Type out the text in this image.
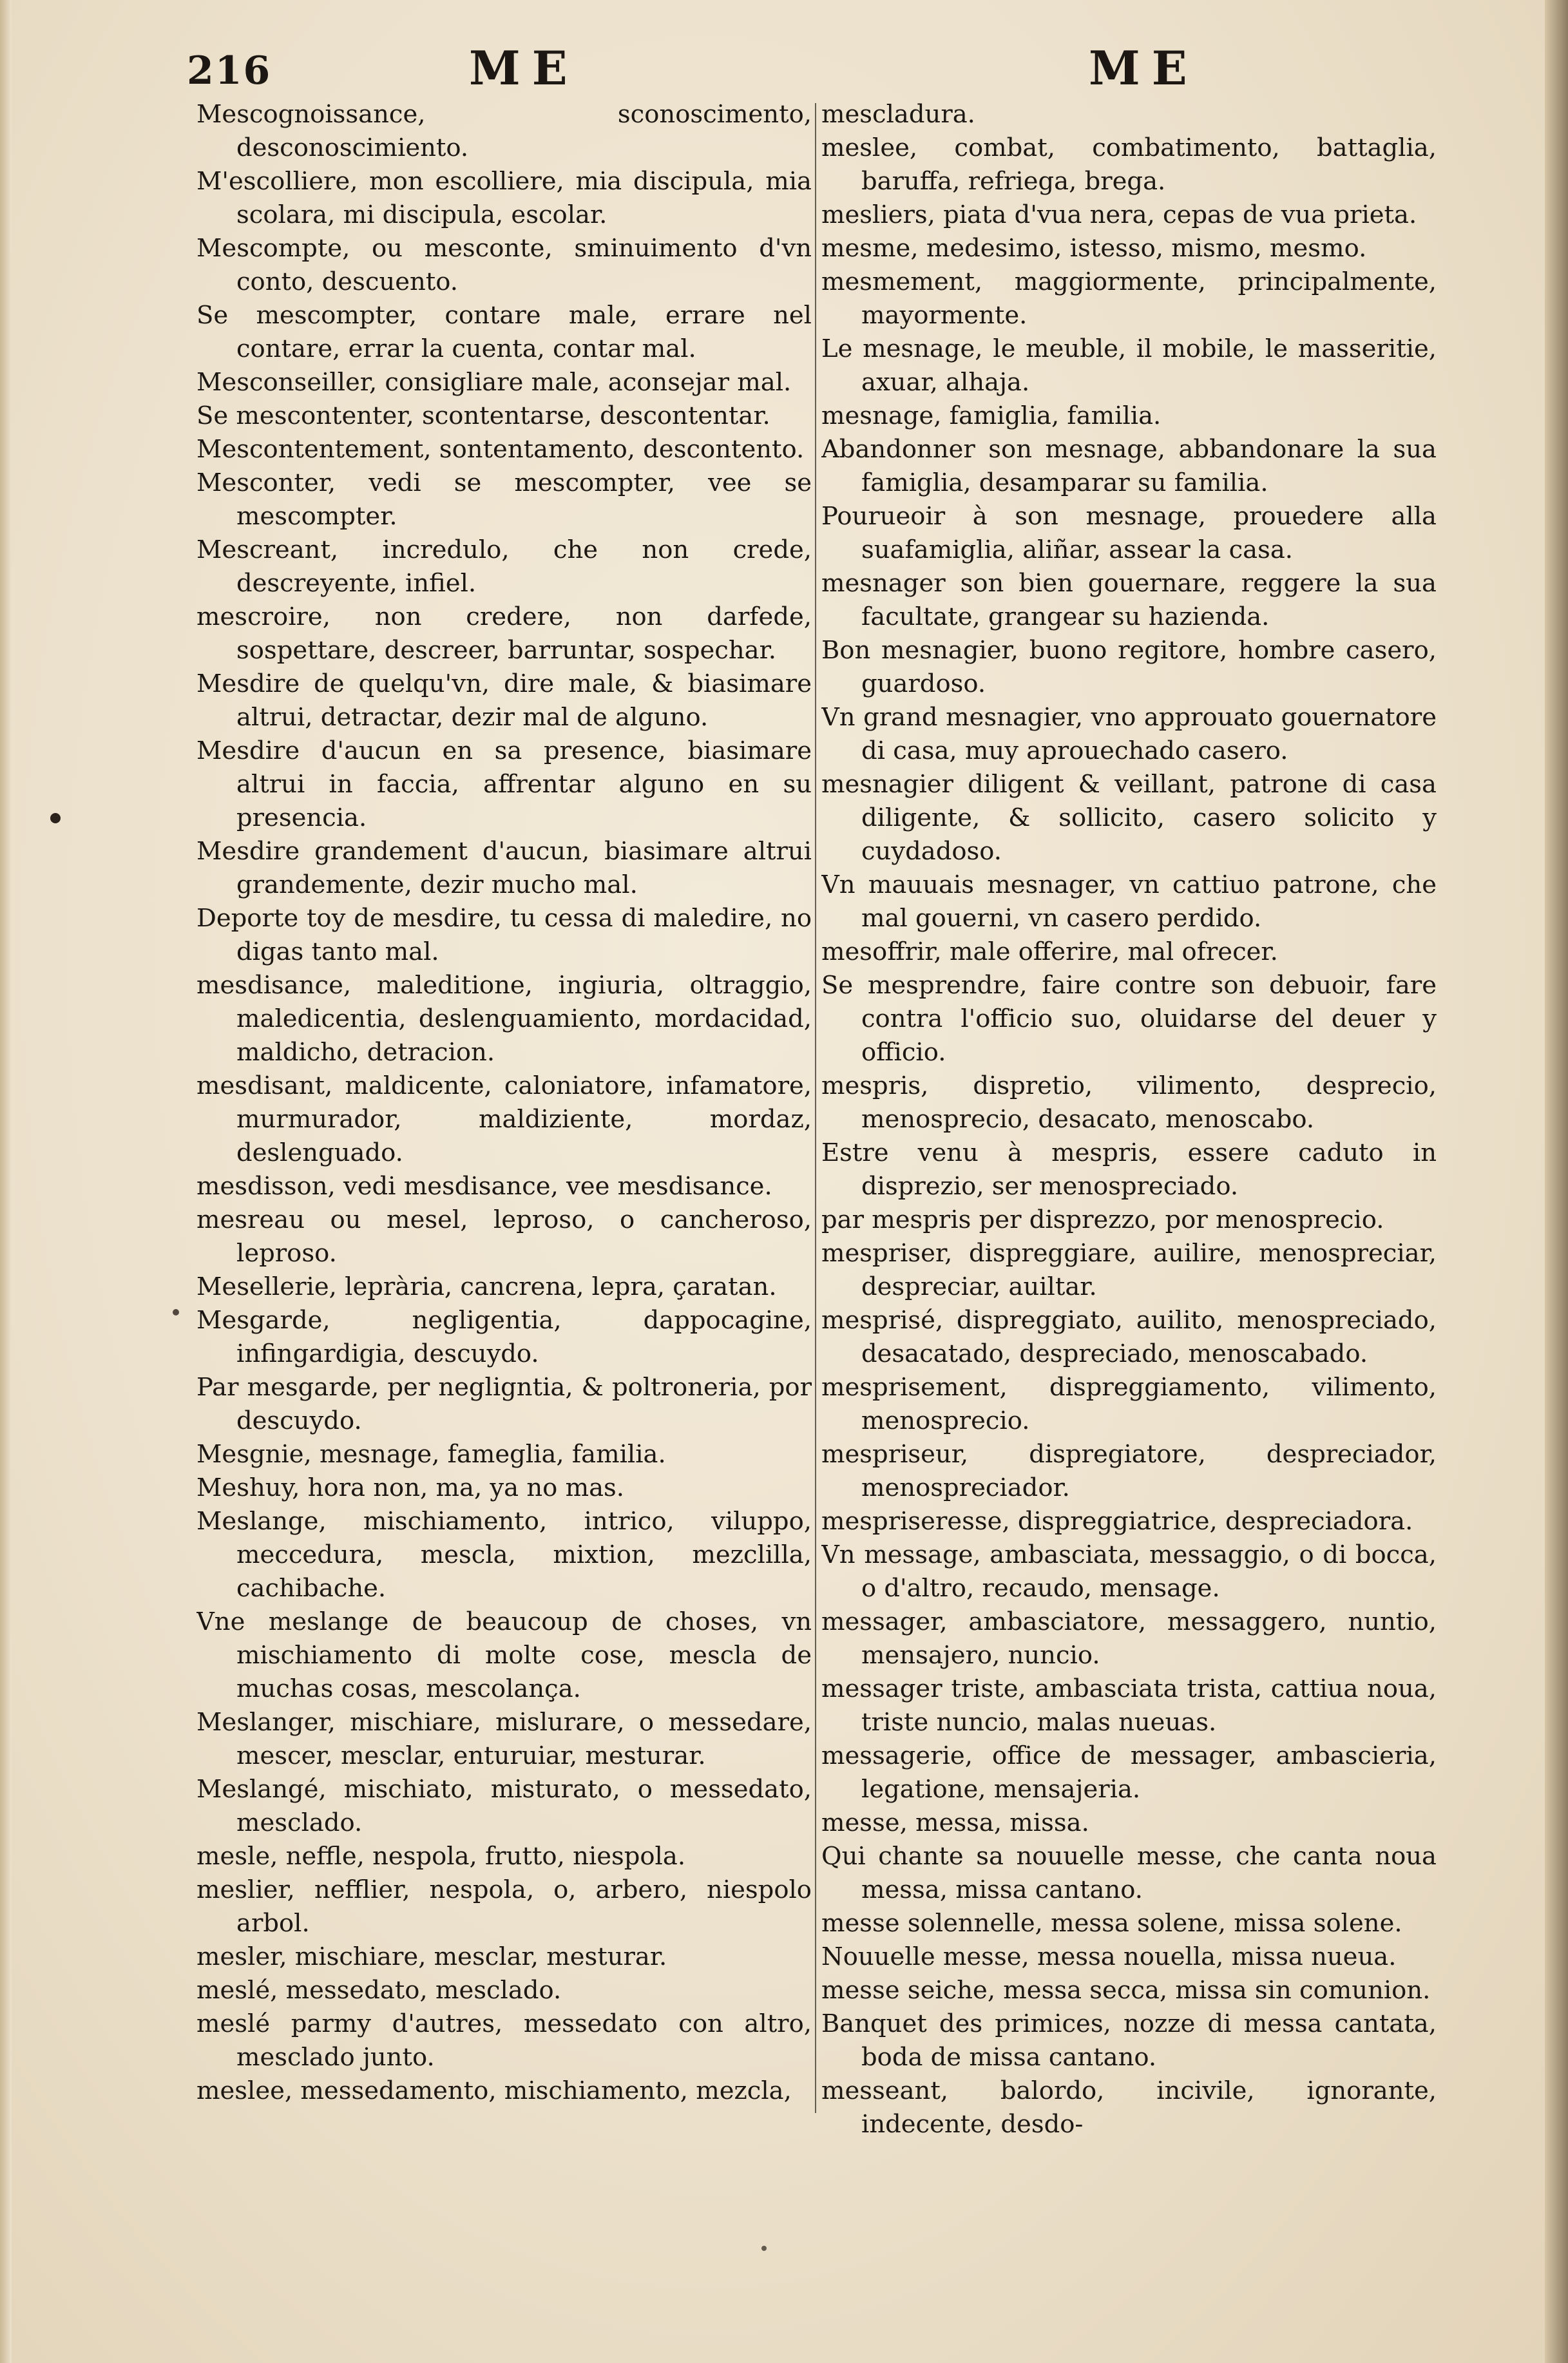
216	ME	ME

Mescognoissance, sconoscimento, desconoscimiento.

M'escolliere, mon escolliere, mia discipula, mia scolara, mi discipula, escolar.

Mescompte, ou mesconte, sminuimento d'vn conto, descuento.

Se mescompter, contare male, errare nel contare, errar la cuenta, contar mal.

Mesconseiller, consigliare male, aconsejar mal.

Se mescontenter, scontentarse, descontentar.

Mescontentement, sontentamento, descontento.

Mesconter, vedi se mescompter, vee se mescompter.

Mescreant, incredulo, che non crede, descreyente, infiel.

mescroire, non credere, non darfede, sospettare, descreer, barruntar, sospechar.

Mesdire de quelqu'vn, dire male, & biasimare altrui, detractar, dezir mal de alguno.

Mesdire d'aucun en sa presence, biasimare altrui in faccia, affrentar alguno en su presencia.

Mesdire grandement d'aucun, biasimare altrui grandemente, dezir mucho mal.

Deporte toy de mesdire, tu cessa di maledire, no digas tanto mal.

mesdisance, maleditione, ingiuria, oltraggio, maledicentia, deslenguamiento, mordacidad, maldicho, detracion.

mesdisant, maldicente, caloniatore, infamatore, murmurador, maldiziente, mordaz, deslenguado.

mesdisson, vedi mesdisance, vee mesdisance.

mesreau ou mesel, leproso, o cancheroso, leproso.

Mesellerie, leprària, cancrena, lepra, çaratan.

Mesgarde, negligentia, dappocagine, infingardigia, descuydo.

Par mesgarde, per negligntia, & poltroneria, por descuydo.

Mesgnie, mesnage, fameglia, familia.

Meshuy, hora non, ma, ya no mas.

Meslange, mischiamento, intrico, viluppo, meccedura, mescla, mixtion, mezclilla, cachibache.

Vne meslange de beaucoup de choses, vn mischiamento di molte cose, mescla de muchas cosas, mescolança.

Meslanger, mischiare, mislurare, o messedare, mescer, mesclar, enturuiar, mesturar.

Meslangé, mischiato, misturato, o messedato, mesclado.

mesle, neffle, nespola, frutto, niespola.

meslier, nefflier, nespola, o, arbero, niespolo arbol.

mesler, mischiare, mesclar, mesturar.

meslé, messedato, mesclado.

meslé parmy d'autres, messedato con altro, mesclado junto.

meslee, messedamento, mischiamento, mezcla,

mescladura.

meslee, combat, combatimento, battaglia, baruffa, refriega, brega.

mesliers, piata d'vua nera, cepas de vua prieta.

mesme, medesimo, istesso, mismo, mesmo.

mesmement, maggiormente, principalmente, mayormente.

Le mesnage, le meuble, il mobile, le masseritie, axuar, alhaja.

mesnage, famiglia, familia.

Abandonner son mesnage, abbandonare la sua famiglia, desamparar su familia.

Pourueoir à son mesnage, prouedere alla suafamiglia, aliñar, assear la casa.

mesnager son bien gouernare, reggere la sua facultate, grangear su hazienda.

Bon mesnagier, buono regitore, hombre casero, guardoso.

Vn grand mesnagier, vno approuato gouernatore di casa, muy aprouechado casero.

mesnagier diligent & veillant, patrone di casa diligente, & sollicito, casero solicito y cuydadoso.

Vn mauuais mesnager, vn cattiuo patrone, che mal gouerni, vn casero perdido.

mesoffrir, male offerire, mal ofrecer.

Se mesprendre, faire contre son debuoir, fare contra l'officio suo, oluidarse del deuer y officio.

mespris, dispretio, vilimento, desprecio, menosprecio, desacato, menoscabo.

Estre venu à mespris, essere caduto in disprezio, ser menospreciado.

par mespris per disprezzo, por menosprecio.

mespriser, dispreggiare, auilire, menospreciar, despreciar, auiltar.

mesprisé, dispreggiato, auilito, menospreciado, desacatado, despreciado, menoscabado.

mesprisement, dispreggiamento, vilimento, menosprecio.

mespriseur, dispregiatore, despreciador, menospreciador.

mespriseresse, dispreggiatrice, despreciadora.

Vn message, ambasciata, messaggio, o di bocca, o d'altro, recaudo, mensage.

messager, ambasciatore, messaggero, nuntio, mensajero, nuncio.

messager triste, ambasciata trista, cattiua noua, triste nuncio, malas nueuas.

messagerie, office de messager, ambascieria, legatione, mensajeria.

messe, messa, missa.

Qui chante sa nouuelle messe, che canta noua messa, missa cantano.

messe solennelle, messa solene, missa solene.

Nouuelle messe, messa nouella, missa nueua.

messe seiche, messa secca, missa sin comunion.

Banquet des primices, nozze di messa cantata, boda de missa cantano.

messeant, balordo, incivile, ignorante, indecente, desdo-
